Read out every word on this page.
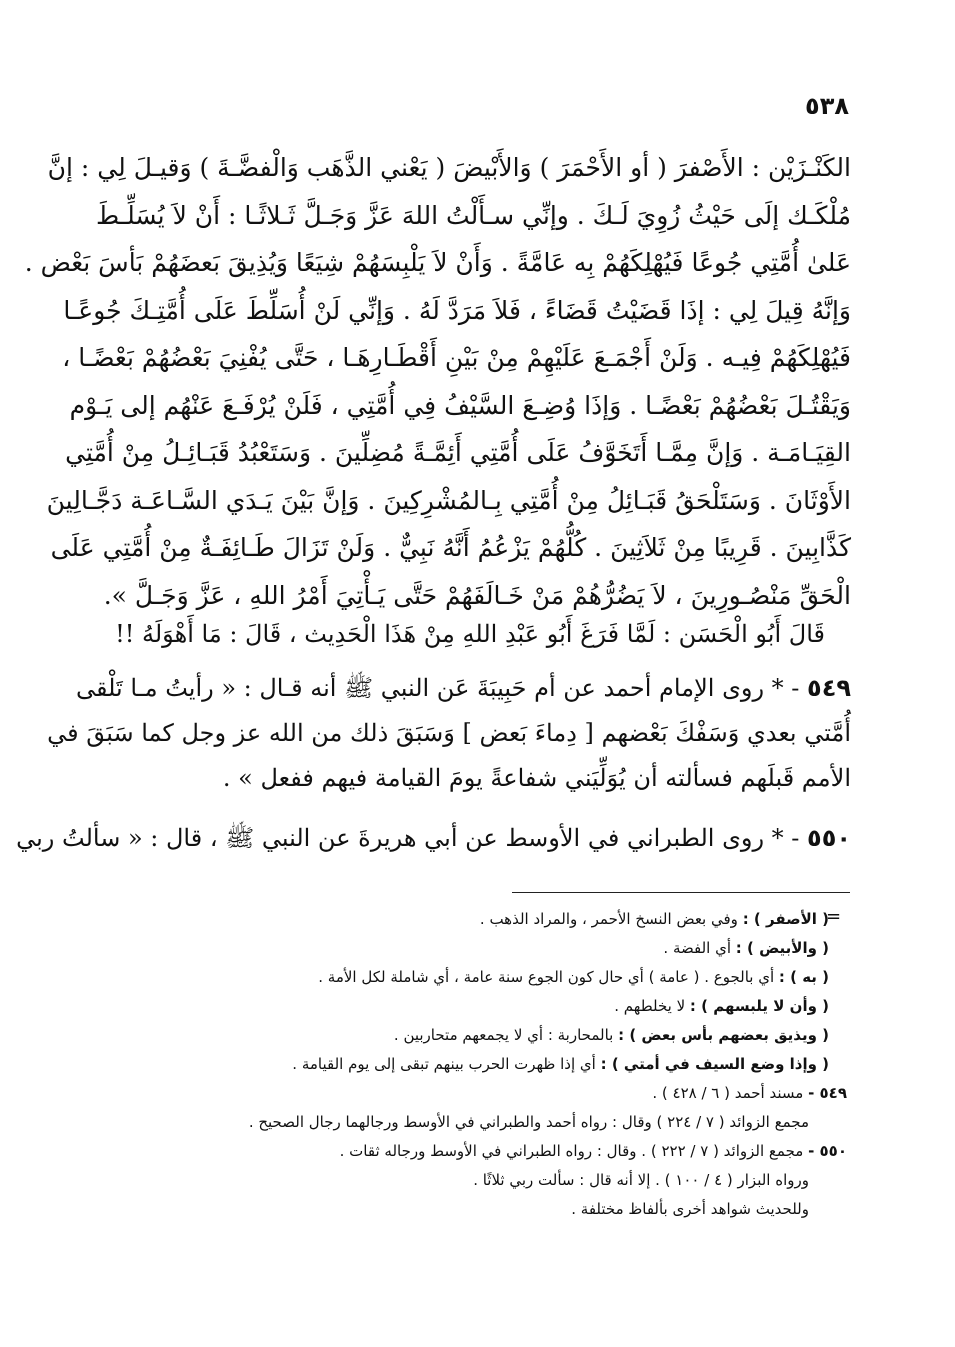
٥٣٨
الكَنْـزَيْن : الأَصْفرَ ( أو الأَحْمَرَ ) وَالأَبْيضَ ( يَعْني الذَّهَب وَالْفضَّـةَ ) وَقيـلَ لِي : إنَّ
مُلْكَـك إلَى حَيْثُ زُوِيَ لَـكَ . وإنِّي سـأَلْتُ اللهَ عَزَّ وَجَـلَّ ثَـلاثًـا : أَنْ لاَ يُسَلِّـطَ
عَلىٰ أُمَّتِي جُوعًا فَيُهْلِكَهُمْ بِه عَامَّةً . وَأَنْ لاَ يَلْبِسَهُمْ شِيَعًا وَيُذِيقَ بَعضَهُمْ بَأسَ بَعْض .
وَإنَّهُ قِيلَ لِي : إذَا قَضَيْتُ قَضَاءً ، فَلاَ مَرَدَّ لَهُ . وَإنِّي لَنْ أُسَلِّطَ عَلَى أُمَّتِـكَ جُوعًـا
فَيُهْلِكَهُمْ فِيـه . وَلَنْ أَجْمَـعَ عَلَيْهِمْ مِنْ بَيْنِ أَقْطَـارِهَـا ، حَتَّى يُفْنِيَ بَعْضُهُمْ بَعْضًـا ،
وَيَقْتُـلَ بَعْضُهُمْ بَعْضًـا . وَإذَا وُضِـعَ السَّيْفُ فِي أُمَّتِي ، فَلَنْ يُرْفَـعَ عَنْهُم إلى يَـوْم
القِيَـامَـة . وَإنَّ مِمَّـا أَتَخَوَّفُ عَلَى أُمَّتِي أَئِمَّـةً مُضِلِّينَ . وَسَتَعْبُدُ قَبَـائِـلُ مِنْ أُمَّتِي
الأَوْثَانَ . وَسَتَلْحَقُ قَبَـائِلُ مِنْ أُمَّتِي بِـالمُشْرِكِينَ . وَإنَّ بَيْنَ يَـدَي السَّـاعَـة دَجَّـالِينَ
كَذَّابِينَ . قَرِيبًا مِنْ ثَلاَثِينَ . كُلُّهُمْ يَزْعُمُ أَنَّهُ نَبِيٌّ . وَلَنْ تَزَالَ طَـائِفَـةٌ مِنْ أُمَّتِي عَلَى
الْحَقِّ مَنْصُـورِينَ ، لاَ يَضُرُّهُمْ مَنْ خَـالَفَهُمْ حَتَّى يَـأْتِيَ أَمْرُ اللهِ ، عَزَّ وَجَـلَّ ».
قَالَ أَبُو الْحَسَن : لَمَّا فَرَغَ أَبُو عَبْدِ اللهِ مِنْ هَذَا الْحَدِيث ، قَالَ : مَا أَهْوَلَهُ !!
٥٤٩ - * روى الإمام أحمد عن أم حَبِيبَةَ عَن النبي ﷺ أنه قـال : « رأيتُ مـا تَلْقى
أُمَّتي بعدي وَسَفْكَ بَعْضهم [ دِماءَ بَعض ] وَسَبَقَ ذلك من الله عز وجل كما سَبَقَ في
الأمم قَبلَهم فسألته أن يُوَلِّيَني شفاعةً يومَ القيامة فيهم ففعل » .
٥٥٠ - * روى الطبراني في الأوسط عن أبي هريرةَ عن النبي ﷺ ، قال : « سألتُ ربي
=
( الأصفر ) : وفي بعض النسخ الأحمر ، والمراد الذهب .
( والأبيض ) : أي الفضة .
( به ) : أي بالجوع . ( عامة ) أي حال كون الجوع سنة عامة ، أي شاملة لكل الأمة .
( وأن لا يلبسهم ) : لا يخلطهم .
( ويذيق بعضهم بأس بعض ) : بالمحاربة : أي لا يجمعهم متحاربين .
( وإذا وضع السيف في أمتي ) : أي إذا ظهرت الحرب بينهم تبقى إلى يوم القيامة .
٥٤٩ - مسند أحمد ( ٦ / ٤٢٨ ) .
مجمع الزوائد ( ٧ / ٢٢٤ ) وقال : رواه أحمد والطبراني في الأوسط ورجالهما رجال الصحيح .
٥٥٠ - مجمع الزوائد ( ٧ / ٢٢٢ ) . وقال : رواه الطبراني في الأوسط ورجاله ثقات .
ورواه البزار ( ٤ / ١٠٠ ) . إلا أنه قال : سألت ربي ثلاثًا .
وللحديث شواهد أخرى بألفاظ مختلفة .
